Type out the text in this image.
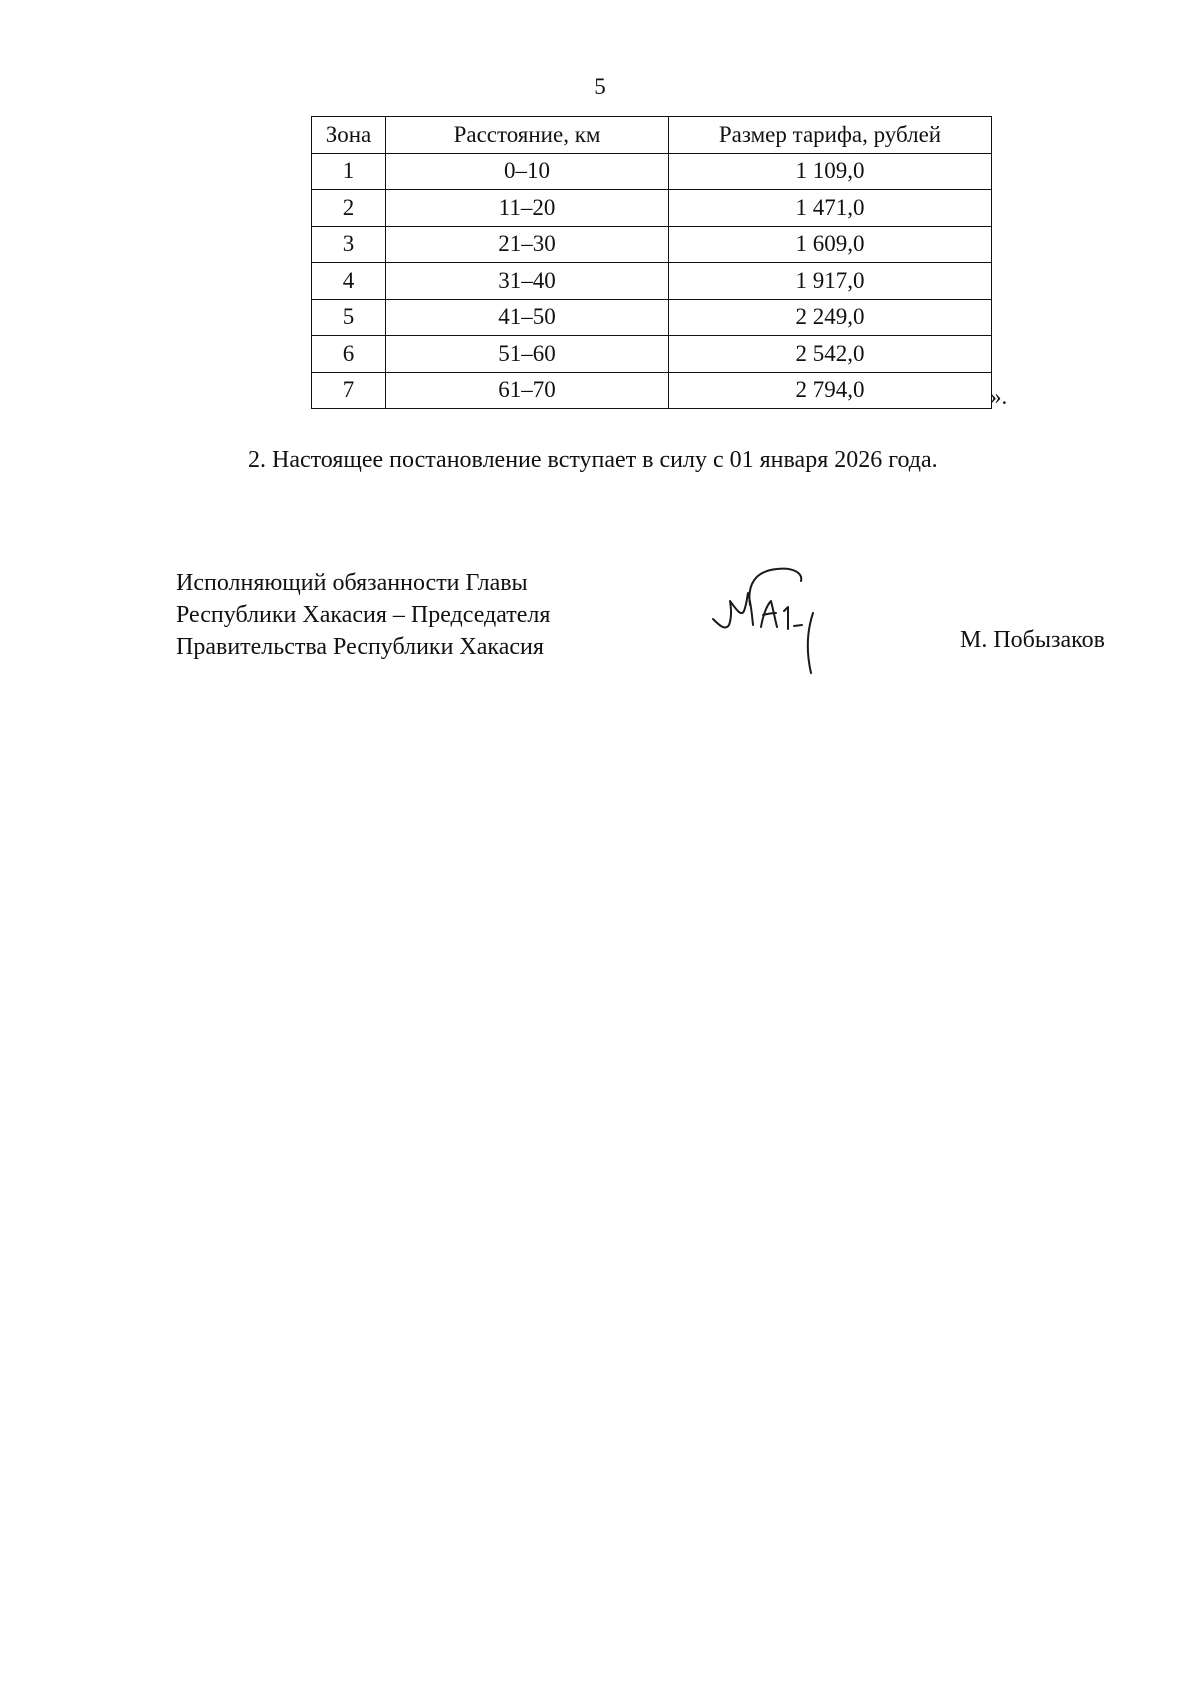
5
Зона	Расстояние, км	Размер тарифа, рублей
1	0–10	1 109,0
2	11–20	1 471,0
3	21–30	1 609,0
4	31–40	1 917,0
5	41–50	2 249,0
6	51–60	2 542,0
7	61–70	2 794,0	».
2. Настоящее постановление вступает в силу с 01 января 2026 года.
Исполняющий обязанности Главы
Республики Хакасия – Председателя
Правительства Республики Хакасия	М. Побызаков
